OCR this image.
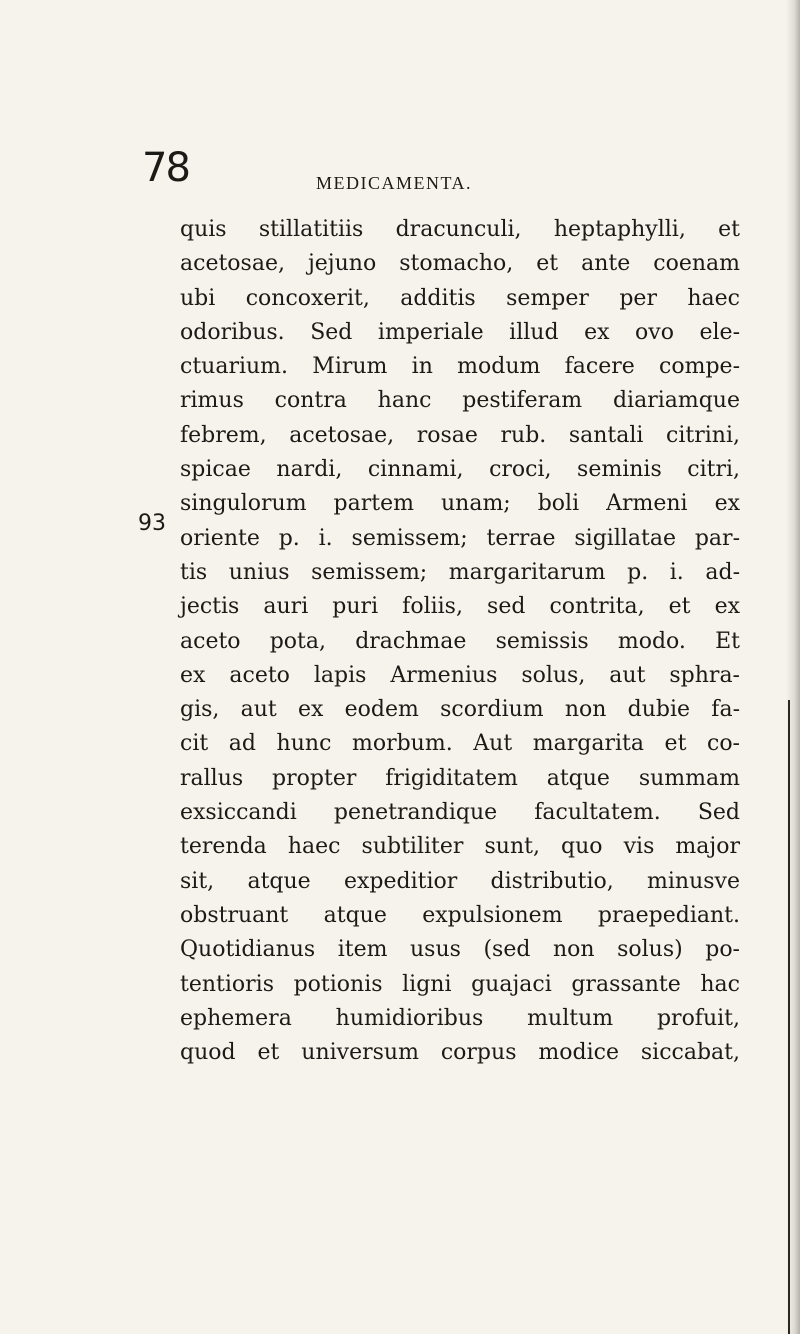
78	MEDICAMENTA.
93
quis stillatitiis dracunculi, heptaphylli, et
acetosae, jejuno stomacho, et ante coenam
ubi concoxerit, additis semper per haec
odoribus. Sed imperiale illud ex ovo ele-
ctuarium. Mirum in modum facere compe-
rimus contra hanc pestiferam diariamque
febrem, acetosae, rosae rub. santali citrini,
spicae nardi, cinnami, croci, seminis citri,
singulorum partem unam; boli Armeni ex
oriente p. i. semissem; terrae sigillatae par-
tis unius semissem; margaritarum p. i. ad-
jectis auri puri foliis, sed contrita, et ex
aceto pota, drachmae semissis modo. Et
ex aceto lapis Armenius solus, aut sphra-
gis, aut ex eodem scordium non dubie fa-
cit ad hunc morbum. Aut margarita et co-
rallus propter frigiditatem atque summam
exsiccandi penetrandique facultatem. Sed
terenda haec subtiliter sunt, quo vis major
sit, atque expeditior distributio, minusve
obstruant atque expulsionem praepediant.
Quotidianus item usus (sed non solus) po-
tentioris potionis ligni guajaci grassante hac
ephemera humidioribus multum profuit,
quod et universum corpus modice siccabat,
